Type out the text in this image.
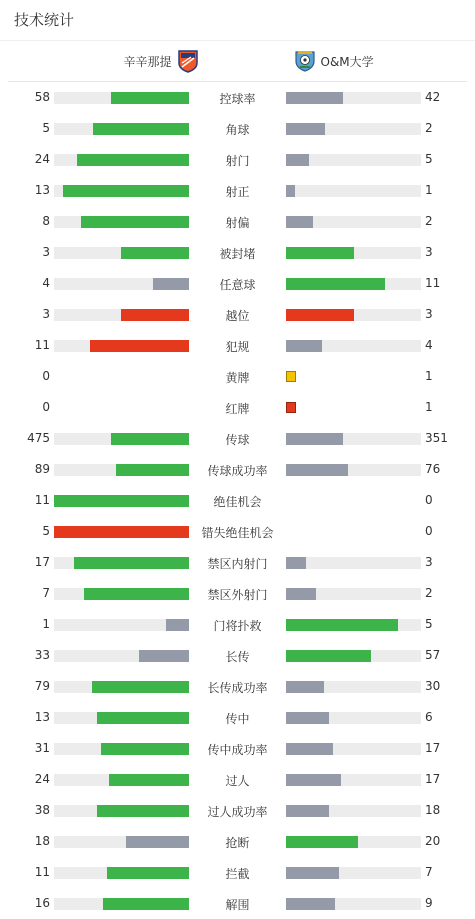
技术统计
辛辛那提	O&M大学
58	控球率	42
5	角球	2
24	射门	5
13	射正	1
8	射偏	2
3	被封堵	3
4	任意球	11
3	越位	3
11	犯规	4
0	黄牌	1
0	红牌	1
475	传球	351
89	传球成功率	76
11	绝佳机会	0
5	错失绝佳机会	0
17	禁区内射门	3
7	禁区外射门	2
1	门将扑救	5
33	长传	57
79	长传成功率	30
13	传中	6
31	传中成功率	17
24	过人	17
38	过人成功率	18
18	抢断	20
11	拦截	7
16	解围	9
